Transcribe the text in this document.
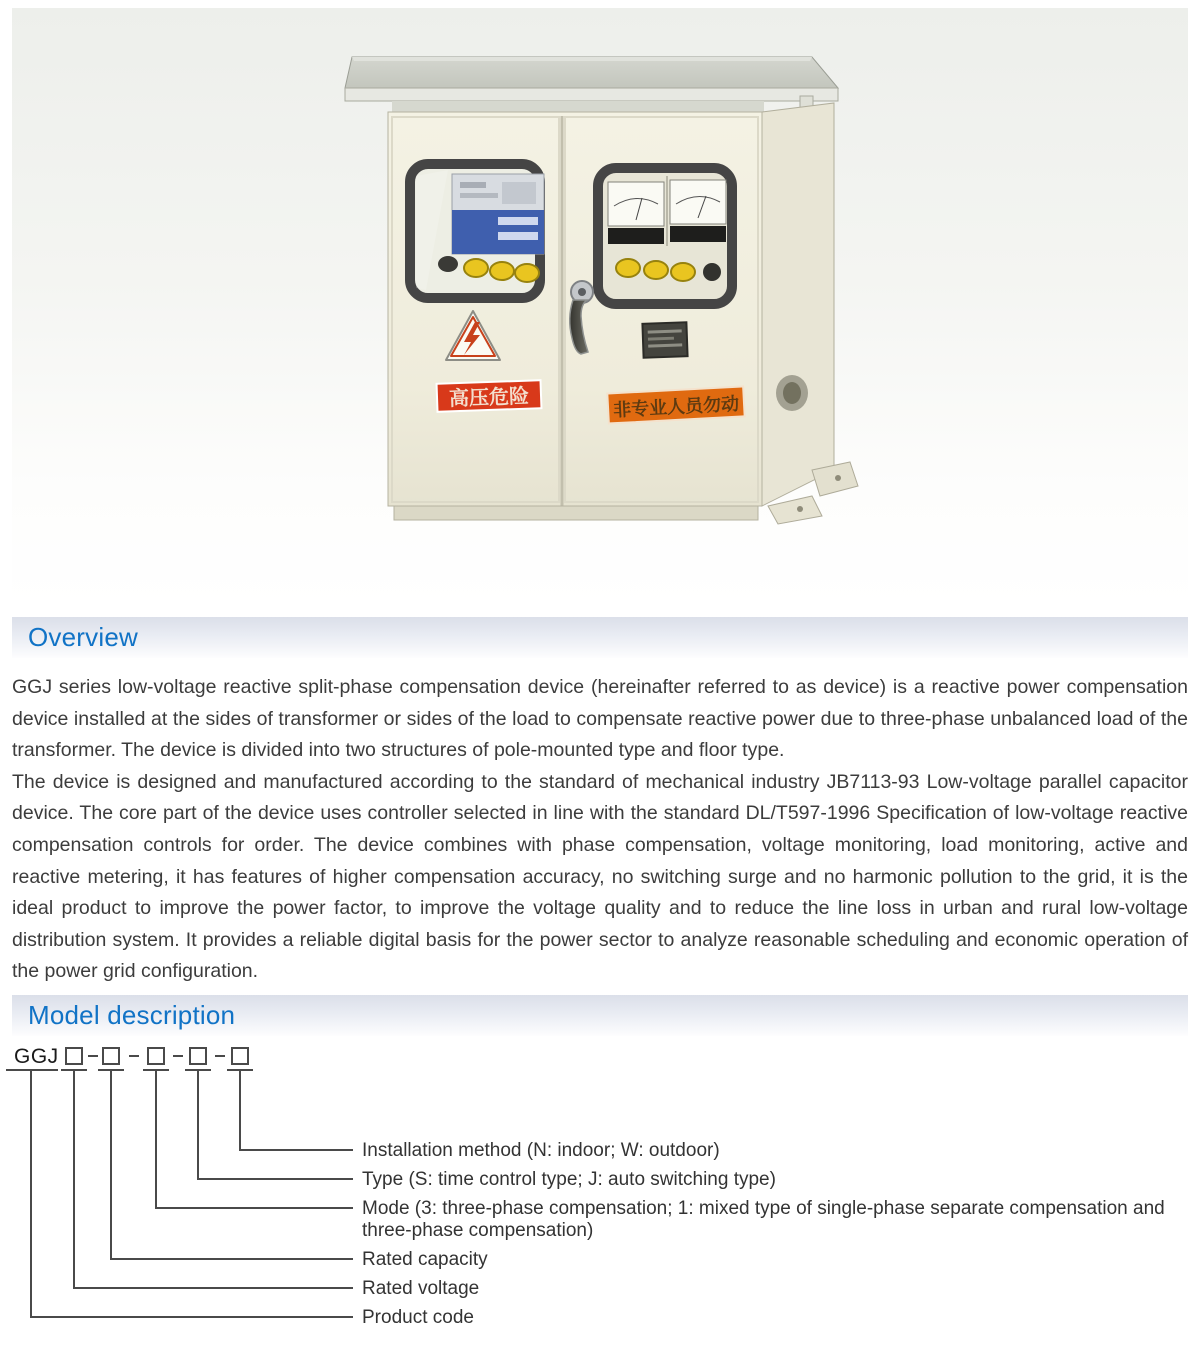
高压危险	非专业人员勿动
Overview

GGJ series low-voltage reactive split-phase compensation device (hereinafter referred to as device) is a reactive power compensation device installed at the sides of transformer or sides of the load to compensate reactive power due to three-phase unbalanced load of the transformer. The device is divided into two structures of pole-mounted type and floor type.

The device is designed and manufactured according to the standard of mechanical industry JB7113-93 Low-voltage parallel capacitor device. The core part of the device uses controller selected in line with the standard DL/T597-1996 Specification of low-voltage reactive compensation controls for order. The device combines with phase compensation, voltage monitoring, load monitoring, active and reactive metering, it has features of higher compensation accuracy, no switching surge and no harmonic pollution to the grid, it is the ideal product to improve the power factor, to improve the voltage quality and to reduce the line loss in urban and rural low-voltage distribution system. It provides a reliable digital basis for the power sector to analyze reasonable scheduling and economic operation of the power grid configuration.

Model description
GGJ
Installation method (N: indoor; W: outdoor)
Type (S: time control type; J: auto switching type)
Mode (3: three-phase compensation; 1: mixed type of single-phase separate compensation and
three-phase compensation)
Rated capacity
Rated voltage
Product code
